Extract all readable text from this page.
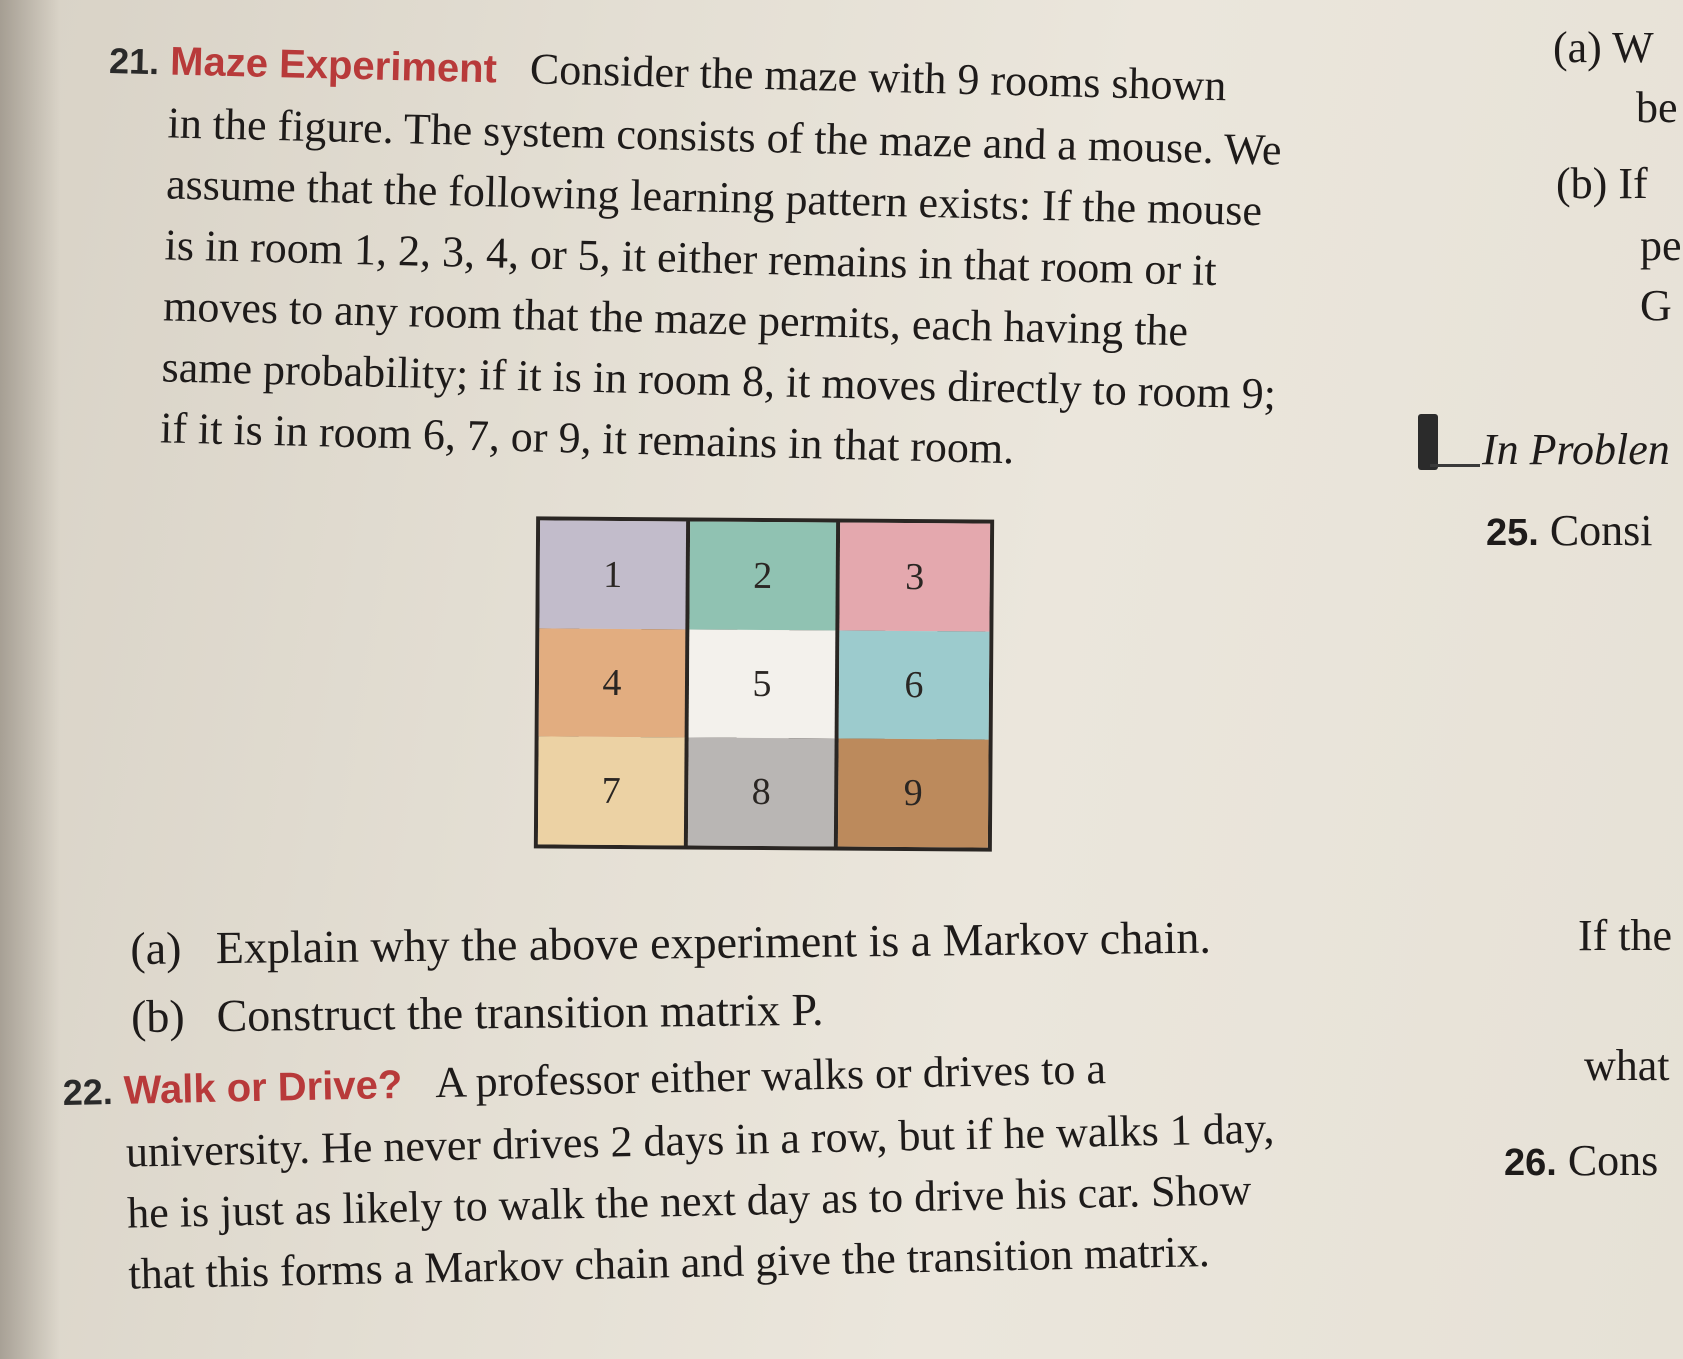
21. Maze Experiment Consider the maze with 9 rooms shown
in the figure. The system consists of the maze and a mouse. We
assume that the following learning pattern exists: If the mouse
is in room 1, 2, 3, 4, or 5, it either remains in that room or it
moves to any room that the maze permits, each having the
same probability; if it is in room 8, it moves directly to room 9;
if it is in room 6, 7, or 9, it remains in that room.
1	2	3
4	5	6
7	8	9
(a) Explain why the above experiment is a Markov chain.
(b) Construct the transition matrix P.
22. Walk or Drive? A professor either walks or drives to a
university. He never drives 2 days in a row, but if he walks 1 day,
he is just as likely to walk the next day as to drive his car. Show
that this forms a Markov chain and give the transition matrix.
(a) W
be
(b) If
pe
G
In Problen
25. Consi
If the
what
26. Cons
